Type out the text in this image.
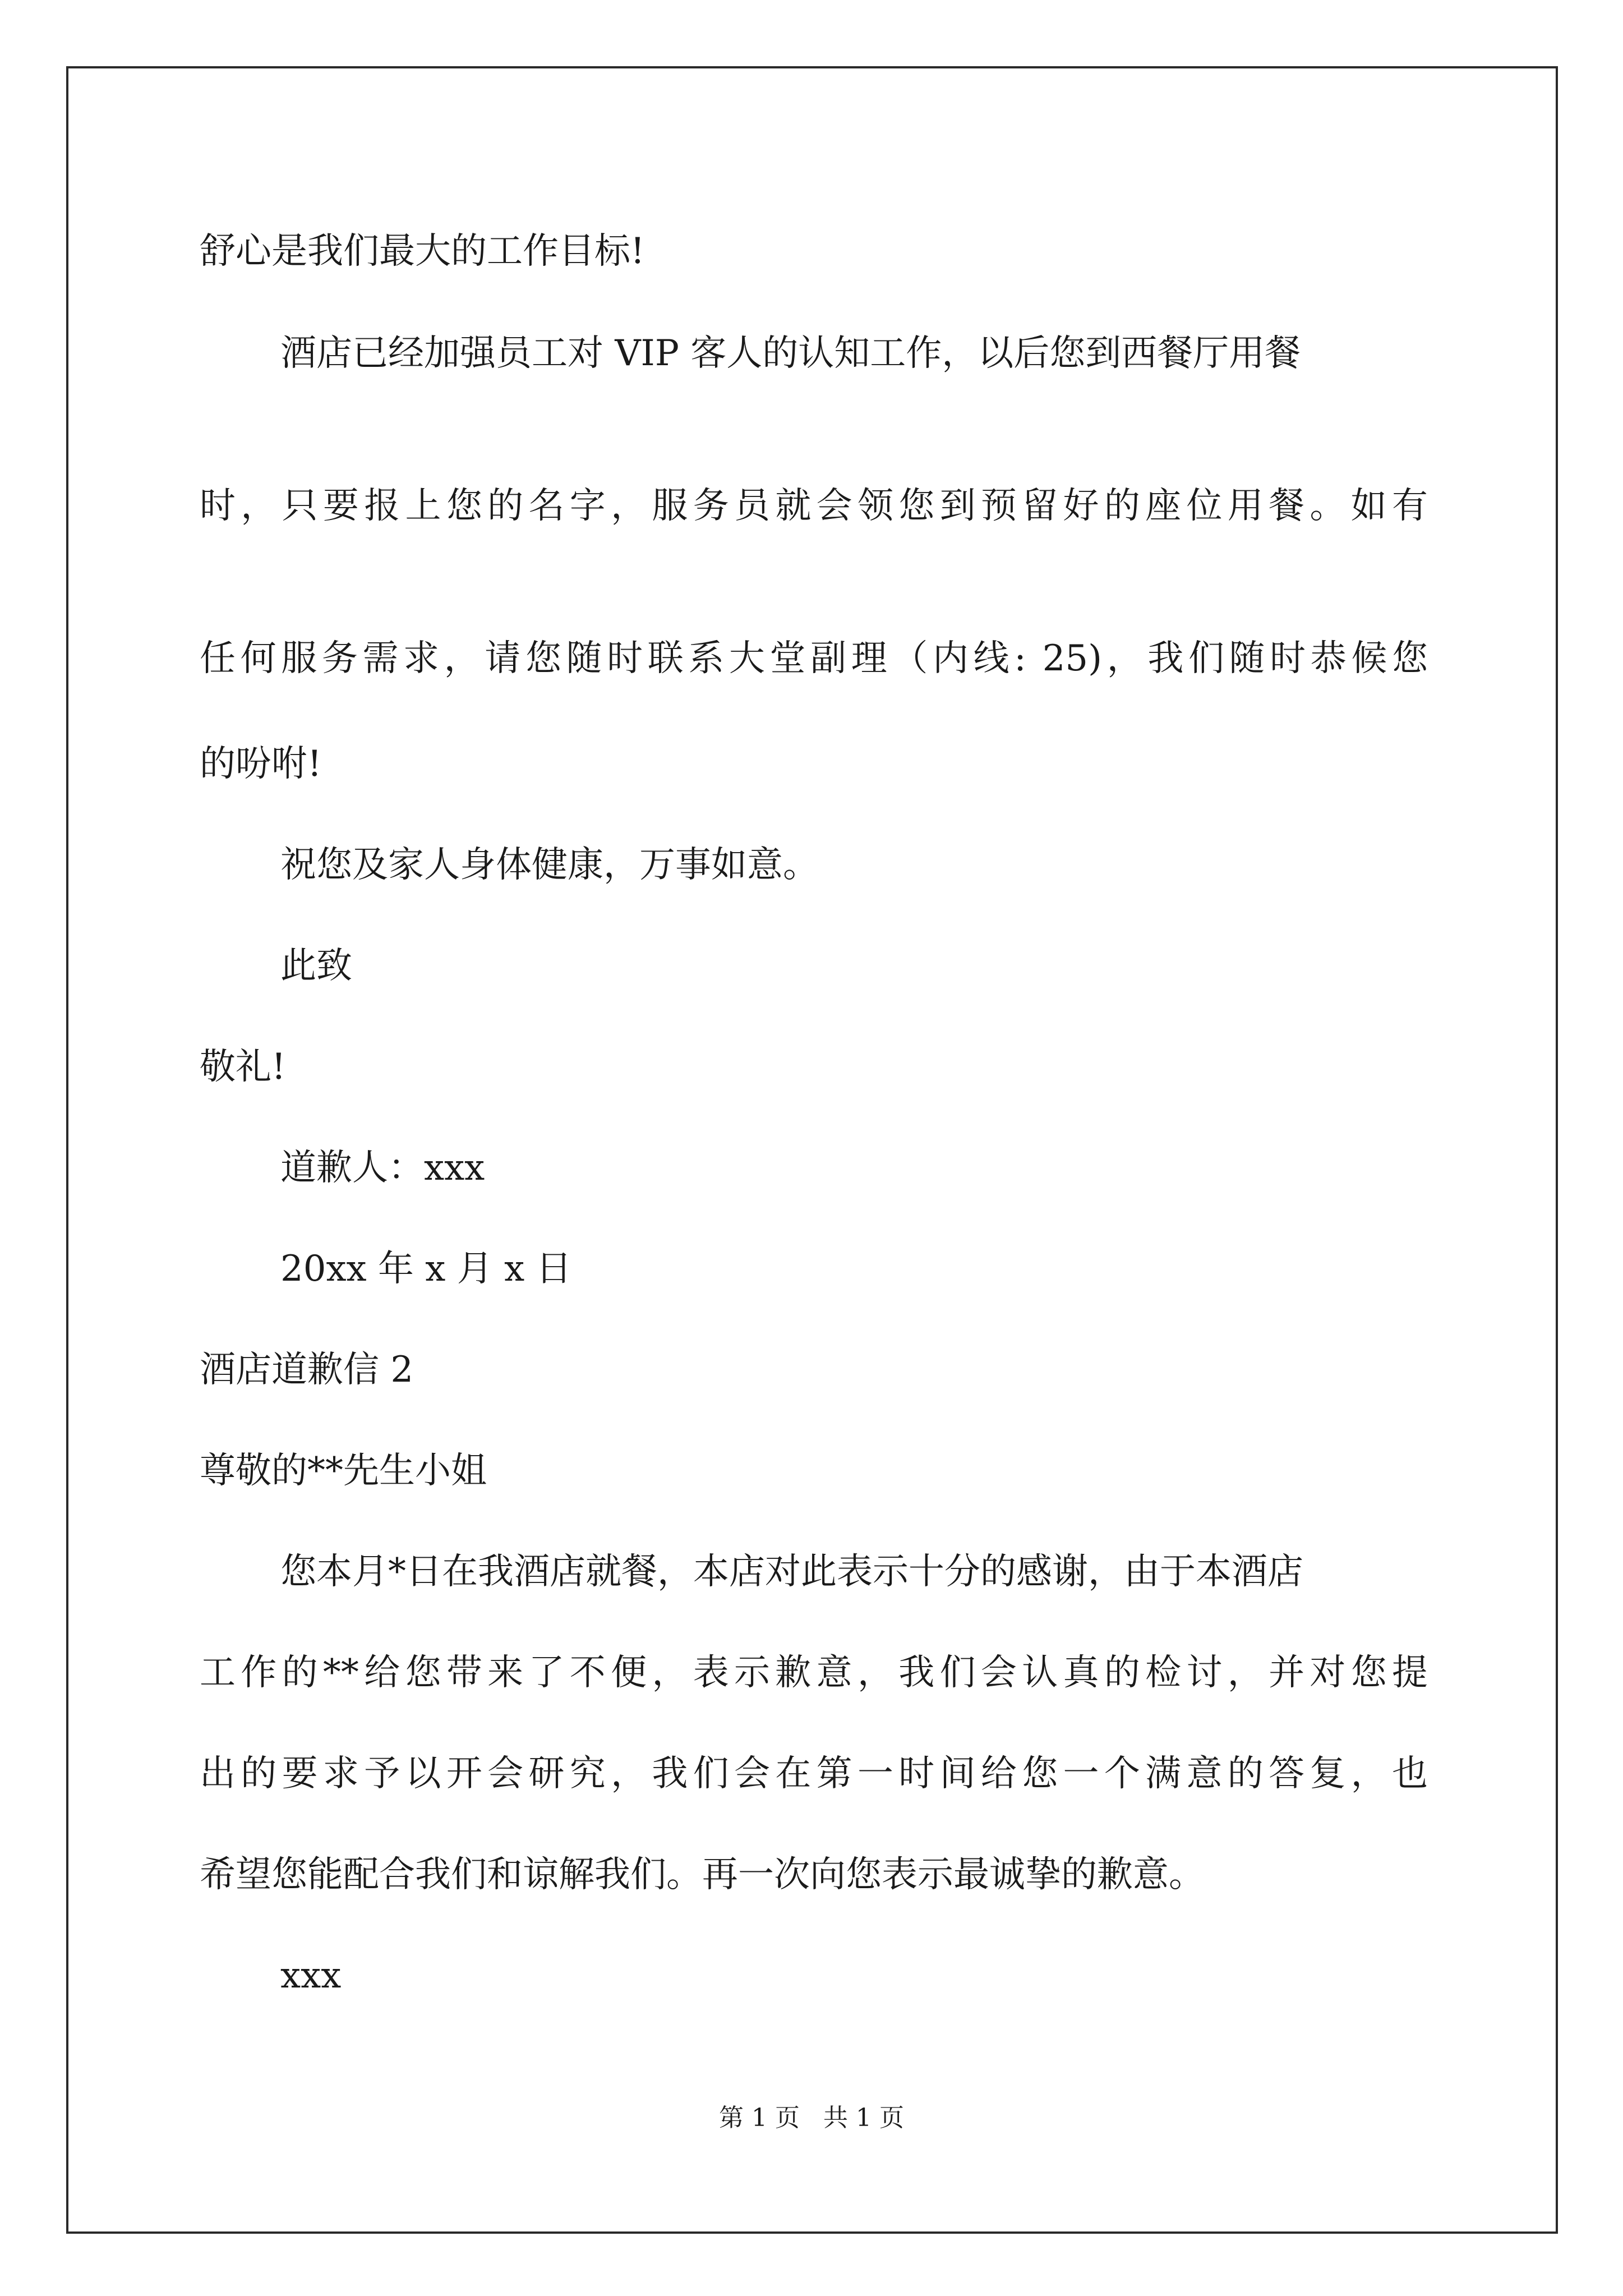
舒心是我们最大的工作目标!
酒店已经加强员工对 VIP 客人的认知工作，以后您到西餐厅用餐
时，只要报上您的名字，服务员就会领您到预留好的座位用餐。如有
任何服务需求，请您随时联系大堂副理（内线: 25)，我们随时恭候您
的吩咐!
祝您及家人身体健康，万事如意。
此致
敬礼!
道歉人：xxx
20xx 年 x 月 x 日
酒店道歉信 2
尊敬的**先生小姐
您本月*日在我酒店就餐，本店对此表示十分的感谢，由于本酒店
第 1 页   共 1 页
工作的**给您带来了不便，表示歉意，我们会认真的检讨，并对您提
出的要求予以开会研究，我们会在第一时间给您一个满意的答复，也
希望您能配合我们和谅解我们。再一次向您表示最诚挚的歉意。
xxx
